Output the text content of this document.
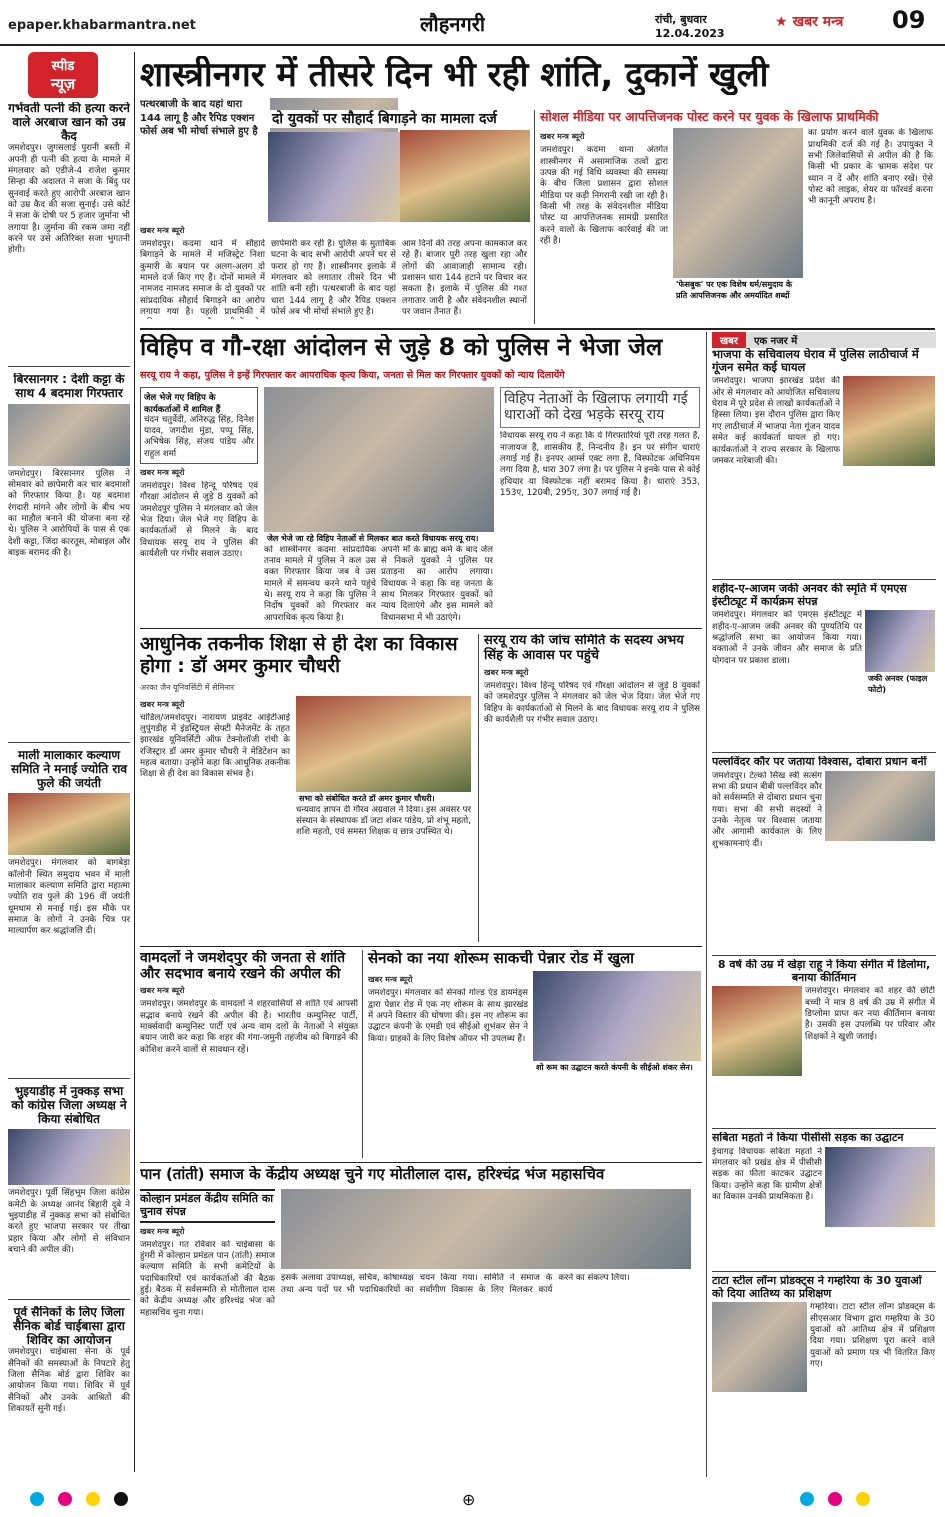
epaper.khabarmantra.net	लौहनगरी	रांची, बुधवार
12.04.2023
★ खबर मन्त्र	09
स्पीड
न्यूज़
गर्भवती पत्नी की हत्या करने वाले अरबाज खान को उम्र कैद
जमशेदपुर। जुगसलाई पुरानी बस्ती में अपनी ही पत्नी की हत्या के मामले में मंगलवार को एडीजे-4 राजेश कुमार सिन्हा की अदालत ने सजा के बिंदु पर सुनवाई करते हुए आरोपी अरबाज खान को उम्र कैद की सजा सुनाई। उसे कोर्ट ने सजा के दोषी पर 5 हजार जुर्माना भी लगाया है। जुर्माना की रकम जमा नहीं करने पर उसे अतिरिक्त सजा भुगतनी होगी।
बिरसानगर : देशी कट्टा के साथ 4 बदमाश गिरफ्तार
जमशेदपुर। बिरसानगर पुलिस ने सोमवार को छापेमारी कर चार बदमाशों को गिरफ्तार किया है। यह बदमाश रंगदारी मांगने और लोगों के बीच भय का माहौल बनाने की योजना बना रहे थे। पुलिस ने आरोपियों के पास से एक देशी कट्टा, जिंदा कारतूस, मोबाइल और बाइक बरामद की है।
माली मालाकार कल्याण समिति ने मनाई ज्योति राव फुले की जयंती
जमशेदपुर। मंगलवार को बागबेड़ा कॉलोनी स्थित समुदाय भवन में माली मालाकार कल्याण समिति द्वारा महात्मा ज्योति राव फुले की 196 वीं जयंती धूमधाम से मनाई गई। इस मौके पर समाज के लोगों ने उनके चित्र पर माल्यार्पण कर श्रद्धांजलि दी।
भुइयाडीह में नुक्कड़ सभा को कांग्रेस जिला अध्यक्ष ने किया संबोधित
जमशेदपुर। पूर्वी सिंहभूम जिला कांग्रेस कमेटी के अध्यक्ष आनंद बिहारी दुबे ने भुइयाडीह में नुक्कड़ सभा को संबोधित करते हुए भाजपा सरकार पर तीखा प्रहार किया और लोगों से संविधान बचाने की अपील की।
पूर्व सैनिकों के लिए जिला सैनिक बोर्ड चाईबासा द्वारा शिविर का आयोजन
जमशेदपुर। चाईबासा सेना के पूर्व सैनिकों की समस्याओं के निपटारे हेतु जिला सैनिक बोर्ड द्वारा शिविर का आयोजन किया गया। शिविर में पूर्व सैनिकों और उनके आश्रितों की शिकायतें सुनी गई।
शास्त्रीनगर में तीसरे दिन भी रही शांति, दुकानें खुली
पत्थरबाजी के बाद यहां धारा 144 लागू है और रैपिड एक्शन फोर्स अब भी मोर्चा संभाले हुए है
दो युवकों पर सौहार्द बिगाड़ने का मामला दर्ज
खबर मन्त्र ब्यूरो
जमशेदपुर। कदमा थाने में सौहार्द बिगाड़ने के मामले में मजिस्ट्रेट निशा कुमारी के बयान पर अलग-अलग दो मामले दर्ज किए गए हैं। दोनों मामले में नामजद नामजद समाज के दो युवकों पर सांप्रदायिक सौहार्द बिगाड़ने का आरोप लगाया गया है। पहली प्राथमिकी में
छापेमारी कर रही है। पुलिस के मुताबिक घटना के बाद सभी आरोपी अपने घर से फरार हो गए हैं। शास्त्रीनगर इलाके में मंगलवार को लगातार तीसरे दिन भी शांति बनी रही। पत्थरबाजी के बाद यहां धारा 144 लागू है और रैपिड एक्शन फोर्स अब भी मोर्चा संभाले हुए है।
आम दिनों की तरह अपना कामकाज कर रहे हैं। बाजार पूरी तरह खुला रहा और लोगों की आवाजाही सामान्य रही। प्रशासन धारा 144 हटाने पर विचार कर सकता है। इलाके में पुलिस की गश्त लगातार जारी है और संवेदनशील स्थानों पर जवान तैनात हैं।
सोशल मीडिया पर आपत्तिजनक पोस्ट करने पर युवक के खिलाफ प्राथमिकी
खबर मन्त्र ब्यूरो
जमशेदपुर। कदमा थाना अंतर्गत शास्त्रीनगर में असामाजिक तत्वों द्वारा उत्पन्न की गई विधि व्यवस्था की समस्या के बीच जिला प्रशासन द्वारा सोशल मीडिया पर कड़ी निगरानी रखी जा रही है। किसी भी तरह के संवेदनशील मीडिया पोस्ट या आपत्तिजनक सामग्री प्रसारित करने वालों के खिलाफ कार्रवाई की जा रही है।
'फेसबुक' पर एक विशेष धर्म/समुदाय के प्रति आपत्तिजनक और अमर्यादित शब्दों
का प्रयोग करने वाले युवक के खिलाफ प्राथमिकी दर्ज की गई है। उपायुक्त ने सभी जिलेवासियों से अपील की है कि किसी भी प्रकार के भ्रामक संदेश पर ध्यान न दें और शांति बनाए रखें। ऐसे पोस्ट को लाइक, शेयर या फॉरवर्ड करना भी कानूनी अपराध है।
विहिप व गौ-रक्षा आंदोलन से जुड़े 8 को पुलिस ने भेजा जेल
सरयू राय ने कहा, पुलिस ने इन्हें गिरफ्तार कर आपराधिक कृत्य किया, जनता से मिल कर गिरफ्तार युवकों को न्याय दिलायेंगे
जेल भेजे गए विहिप के कार्यकर्ताओं में शामिल हैं
चंदन चतुर्वेदी, अनिरुद्ध सिंह, दिनेश यादव, जगदीश मुंडा, पप्पू सिंह, अभिषेक सिंह, संजय पांडेय और राहुल शर्मा
खबर मन्त्र ब्यूरो
जमशेदपुर। विश्व हिन्दू परिषद एवं गौरक्षा आंदोलन से जुड़े 8 युवकों को जमशेदपुर पुलिस ने मंगलवार को जेल भेज दिया। जेल भेजे गए विहिप के कार्यकर्ताओं से मिलने के बाद विधायक सरयू राय ने पुलिस की कार्यशैली पर गंभीर सवाल उठाए।
जेल भेजे जा रहे विहिप नेताओं से मिलकर बात करते विधायक सरयू राय।
को शास्त्रीनगर कदमा सांप्रदायिक तनाव मामले में पुलिस ने कल उस वक्त गिरफ्तार किया जब वे उस मामले में समन्वय करने थाने पहुंचे थे। सरयू राय ने कहा कि पुलिस ने निर्दोष युवकों को गिरफ्तार कर आपराधिक कृत्य किया है।
अपनी माँ के ब्राह्म कर्म के बाद जेल से निकले युवकों ने पुलिस पर प्रताड़ना का आरोप लगाया। विधायक ने कहा कि वह जनता के साथ मिलकर गिरफ्तार युवकों को न्याय दिलाएंगे और इस मामले को विधानसभा में भी उठाएंगे।
विहिप नेताओं के खिलाफ लगायी गई धाराओं को देख भड़के सरयू राय
विधायक सरयू राय ने कहा कि ये गिरफ्तारियां पूरी तरह गलत हैं, नाजायज हैं, शासकीय हैं, निन्दनीय हैं। इन पर संगीन धाराएं लगाई गई हैं। इनपर आर्म्स एक्ट लगा है, विस्फोटक अधिनियम लगा दिया है, धारा 307 लगा है। पर पुलिस ने इनके पास से कोई हथियार या विस्फोटक नहीं बरामद किया है। धाराएं 353, 153ए, 120बी, 295ए, 307 लगाई गई हैं।
खबर	एक नजर में
भाजपा के सचिवालय घेराव में पुलिस लाठीचार्ज में गूंजन समेत कई घायल
जमशेदपुर। भाजपा झारखंड प्रदेश की ओर से मंगलवार को आयोजित सचिवालय घेराव में पूरे प्रदेश से लाखों कार्यकर्ताओं ने हिस्सा लिया। इस दौरान पुलिस द्वारा किए गए लाठीचार्ज में भाजपा नेता गूंजन यादव समेत कई कार्यकर्ता घायल हो गए। कार्यकर्ताओं ने राज्य सरकार के खिलाफ जमकर नारेबाजी की।
शहीद-ए-आजम जकी अनवर की स्मृति में एमएस इंस्टीट्यूट में कार्यक्रम संपन्न
जमशेदपुर। मंगलवार को एमएस इंस्टीट्यूट में शहीद-ए-आजम जकी अनवर की पुण्यतिथि पर श्रद्धांजलि सभा का आयोजन किया गया। वक्ताओं ने उनके जीवन और समाज के प्रति योगदान पर प्रकाश डाला।
जकी अनवर (फाइल फोटो)
पल्लविंदर कौर पर जताया विश्वास, दोबारा प्रधान बनीं
जमशेदपुर। टेल्को सिख स्त्री सत्संग सभा की प्रधान बीबी पल्लविंदर कौर को सर्वसम्मति से दोबारा प्रधान चुना गया। सभा की सभी सदस्यों ने उनके नेतृत्व पर विश्वास जताया और आगामी कार्यकाल के लिए शुभकामनाएं दीं।
8 वर्ष की उम्र में खेड़ा राहू ने किया संगीत में डिलोमा, बनाया कीर्तिमान
जमशेदपुर। मंगलवार को शहर की छोटी बच्ची ने मात्र 8 वर्ष की उम्र में संगीत में डिप्लोमा प्राप्त कर नया कीर्तिमान बनाया है। उसकी इस उपलब्धि पर परिवार और शिक्षकों ने खुशी जताई।
सबिता महतो ने किया पीसीसी सड़क का उद्घाटन
ईचागढ़ विधायक सबिता महतो ने मंगलवार को प्रखंड क्षेत्र में पीसीसी सड़क का फीता काटकर उद्घाटन किया। उन्होंने कहा कि ग्रामीण क्षेत्रों का विकास उनकी प्राथमिकता है।
टाटा स्टील लॉन्ग प्रोडक्ट्स ने गम्हरिया के 30 युवाओं को दिया आतिथ्य का प्रशिक्षण
गम्हरिया। टाटा स्टील लॉन्ग प्रोडक्ट्स के सीएसआर विभाग द्वारा गम्हरिया के 30 युवाओं को आतिथ्य क्षेत्र में प्रशिक्षण दिया गया। प्रशिक्षण पूरा करने वाले युवाओं को प्रमाण पत्र भी वितरित किए गए।
आधुनिक तकनीक शिक्षा से ही देश का विकास होगा : डॉ अमर कुमार चौधरी
अरका जैन यूनिवर्सिटी में सेमिनार
खबर मन्त्र ब्यूरो
चांडिल/जमशेदपुर। नारायण प्राइवेट आईटीआई लुपुंगडीह में इंडस्ट्रियल सेफ्टी मैनेजमेंट के तहत झारखंड यूनिवर्सिटी ऑफ टेक्नोलॉजी रांची के रजिस्ट्रार डॉ अमर कुमार चौधरी ने मेडिटेशन का महत्व बताया। उन्होंने कहा कि आधुनिक तकनीक शिक्षा से ही देश का विकास संभव है।
सभा को संबोधित करते डॉ अमर कुमार चौधरी।
धन्यवाद ज्ञापन दी गौरव अग्रवाल ने दिया। इस अवसर पर संस्थान के संस्थापक डॉ जटा शंकर पांडेय, प्रो शंभू महतो, शशि महतो, एवं समस्त शिक्षक व छात्र उपस्थित थे।
सरयू राय की जांच समिति के सदस्य अभय सिंह के आवास पर पहुंचे
खबर मन्त्र ब्यूरो
जमशेदपुर। विश्व हिन्दू परिषद एवं गौरक्षा आंदोलन से जुड़े 8 युवकों को जमशेदपुर पुलिस ने मंगलवार को जेल भेज दिया। जेल भेजे गए विहिप के कार्यकर्ताओं से मिलने के बाद विधायक सरयू राय ने पुलिस की कार्यशैली पर गंभीर सवाल उठाए।
वामदलों ने जमशेदपुर की जनता से शांति और सदभाव बनाये रखने की अपील की
खबर मन्त्र ब्यूरो
जमशेदपुर। जमशेदपुर के वामदलों ने शहरवासियों से शांति एवं आपसी सद्भाव बनाये रखने की अपील की है। भारतीय कम्युनिस्ट पार्टी, मार्क्सवादी कम्युनिस्ट पार्टी एवं अन्य वाम दलों के नेताओं ने संयुक्त बयान जारी कर कहा कि शहर की गंगा-जमुनी तहजीब को बिगाड़ने की कोशिश करने वालों से सावधान रहें।
सेनको का नया शोरूम साकची पेन्नार रोड में खुला
खबर मन्त्र ब्यूरो
जमशेदपुर। मंगलवार को सेनको गोल्ड एंड डायमंड्स द्वारा पेन्नार रोड में एक नए शोरूम के साथ झारखंड में अपने विस्तार की घोषणा की। इस नए शोरूम का उद्घाटन कंपनी के एमडी एवं सीईओ शुभंकर सेन ने किया। ग्राहकों के लिए विशेष ऑफर भी उपलब्ध हैं।
शो रूम का उद्घाटन करते कंपनी के सीईओ शंकर सेन।
पान (तांती) समाज के केंद्रीय अध्यक्ष चुने गए मोतीलाल दास, हरिश्चंद्र भंज महासचिव
कोल्हान प्रमंडल केंद्रीय समिति का चुनाव संपन्न
खबर मन्त्र ब्यूरो
जमशेदपुर। गत रविवार को चाईबासा के हुंगरी में कोल्हान प्रमंडल पान (तांती) समाज कल्याण समिति के सभी कमेटियों के पदाधिकारियों एवं कार्यकर्ताओं की बैठक हुई। बैठक में सर्वसम्मति से मोतीलाल दास को केंद्रीय अध्यक्ष और हरिश्चंद्र भंज को महासचिव चुना गया।
इसके अलावा उपाध्यक्ष, सचिव, कोषाध्यक्ष तथा अन्य पदों पर भी पदाधिकारियों का चयन किया गया। समिति ने समाज के सर्वांगीण विकास के लिए मिलकर कार्य करने का संकल्प लिया।
⊕
